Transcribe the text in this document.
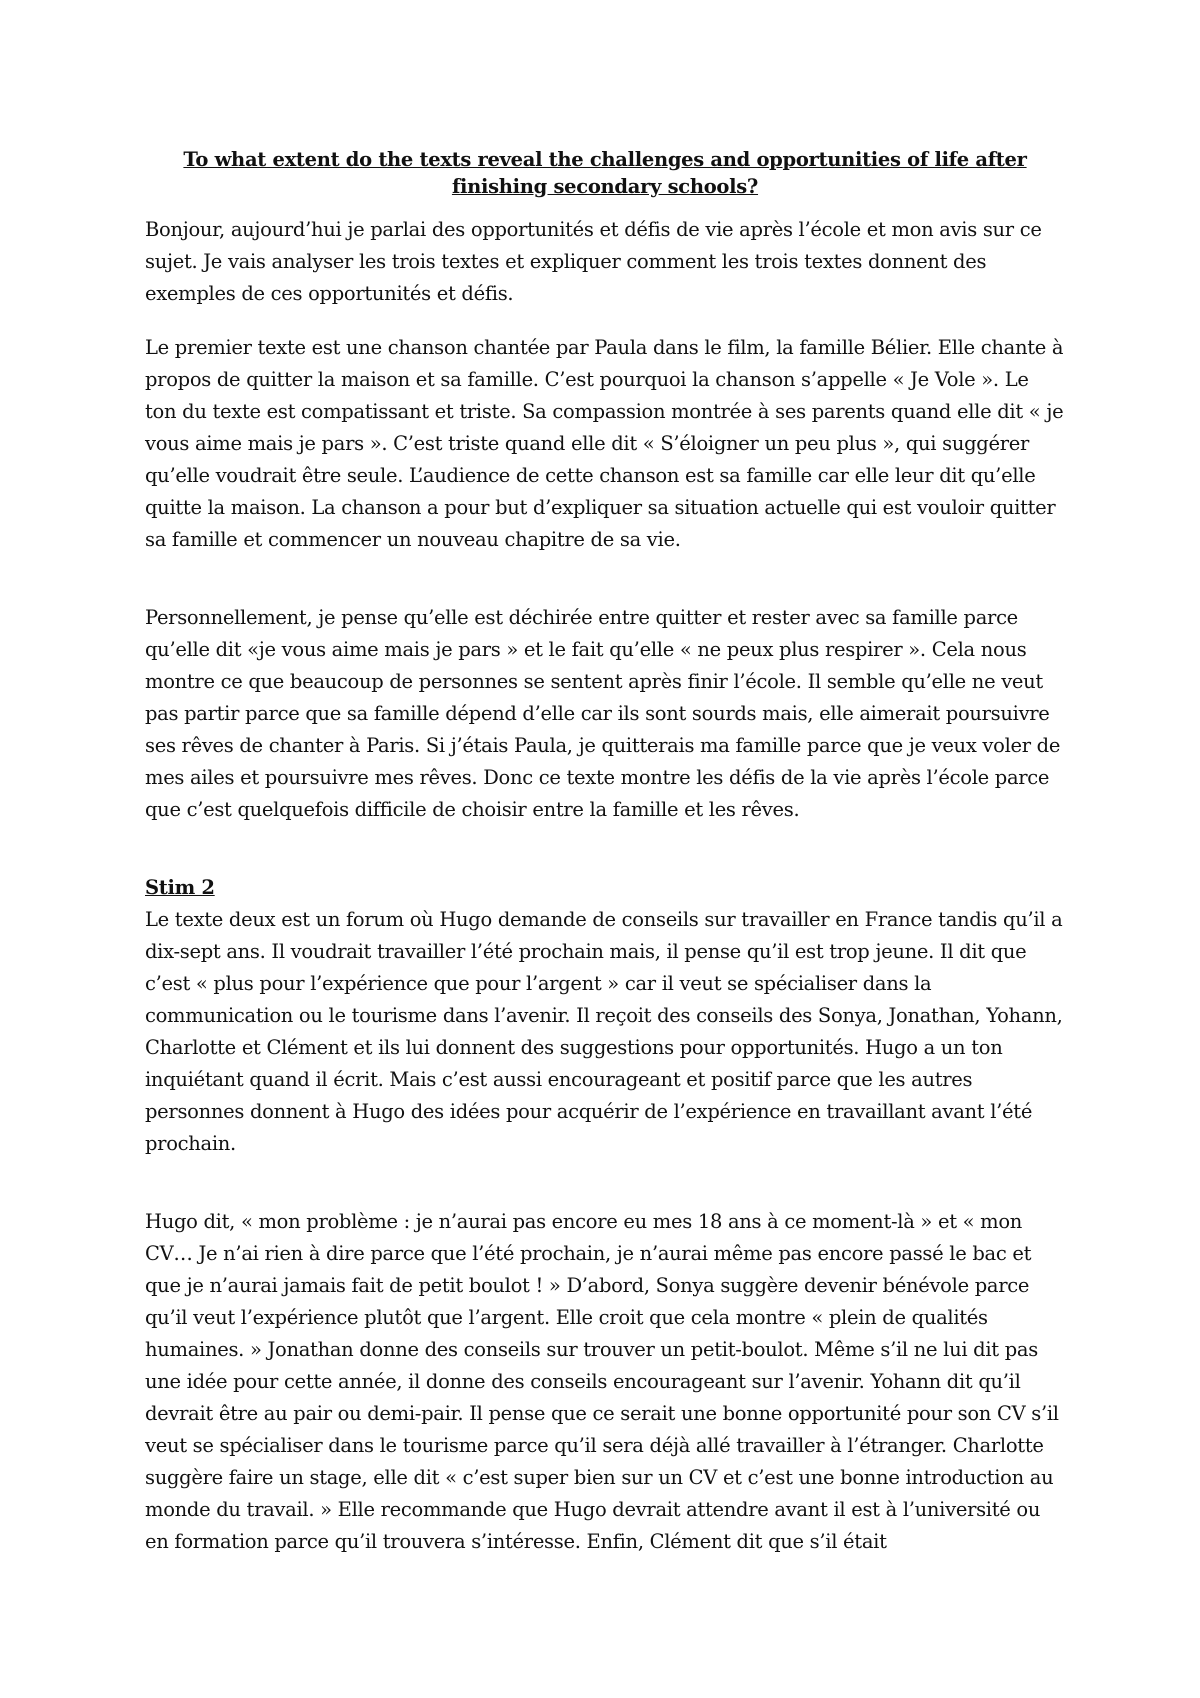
To what extent do the texts reveal the challenges and opportunities of life after finishing secondary schools?

Bonjour, aujourd’hui je parlai des opportunités et défis de vie après l’école et mon avis sur ce sujet. Je vais analyser les trois textes et expliquer comment les trois textes donnent des exemples de ces opportunités et défis.

Le premier texte est une chanson chantée par Paula dans le film, la famille Bélier. Elle chante à propos de quitter la maison et sa famille. C’est pourquoi la chanson s’appelle « Je Vole ». Le ton du texte est compatissant et triste. Sa compassion montrée à ses parents quand elle dit « je vous aime mais je pars ». C’est triste quand elle dit « S’éloigner un peu plus », qui suggérer qu’elle voudrait être seule. L’audience de cette chanson est sa famille car elle leur dit qu’elle quitte la maison. La chanson a pour but d’expliquer sa situation actuelle qui est vouloir quitter sa famille et commencer un nouveau chapitre de sa vie.

Personnellement, je pense qu’elle est déchirée entre quitter et rester avec sa famille parce qu’elle dit «je vous aime mais je pars » et le fait qu’elle « ne peux plus respirer ». Cela nous montre ce que beaucoup de personnes se sentent après finir l’école. Il semble qu’elle ne veut pas partir parce que sa famille dépend d’elle car ils sont sourds mais, elle aimerait poursuivre ses rêves de chanter à Paris. Si j’étais Paula, je quitterais ma famille parce que je veux voler de mes ailes et poursuivre mes rêves. Donc ce texte montre les défis de la vie après l’école parce que c’est quelquefois difficile de choisir entre la famille et les rêves.

Stim 2

Le texte deux est un forum où Hugo demande de conseils sur travailler en France tandis qu’il a dix-sept ans. Il voudrait travailler l’été prochain mais, il pense qu’il est trop jeune. Il dit que c’est « plus pour l’expérience que pour l’argent » car il veut se spécialiser dans la communication ou le tourisme dans l’avenir. Il reçoit des conseils des Sonya, Jonathan, Yohann, Charlotte et Clément et ils lui donnent des suggestions pour opportunités. Hugo a un ton inquiétant quand il écrit. Mais c’est aussi encourageant et positif parce que les autres personnes donnent à Hugo des idées pour acquérir de l’expérience en travaillant avant l’été prochain.

Hugo dit, « mon problème : je n’aurai pas encore eu mes 18 ans à ce moment-là » et « mon CV… Je n’ai rien à dire parce que l’été prochain, je n’aurai même pas encore passé le bac et que je n’aurai jamais fait de petit boulot ! » D’abord, Sonya suggère devenir bénévole parce qu’il veut l’expérience plutôt que l’argent. Elle croit que cela montre « plein de qualités humaines. » Jonathan donne des conseils sur trouver un petit-boulot. Même s’il ne lui dit pas une idée pour cette année, il donne des conseils encourageant sur l’avenir. Yohann dit qu’il devrait être au pair ou demi-pair. Il pense que ce serait une bonne opportunité pour son CV s’il veut se spécialiser dans le tourisme parce qu’il sera déjà allé travailler à l’étranger. Charlotte suggère faire un stage, elle dit « c’est super bien sur un CV et c’est une bonne introduction au monde du travail. » Elle recommande que Hugo devrait attendre avant il est à l’université ou en formation parce qu’il trouvera s’intéresse. Enfin, Clément dit que s’il était
